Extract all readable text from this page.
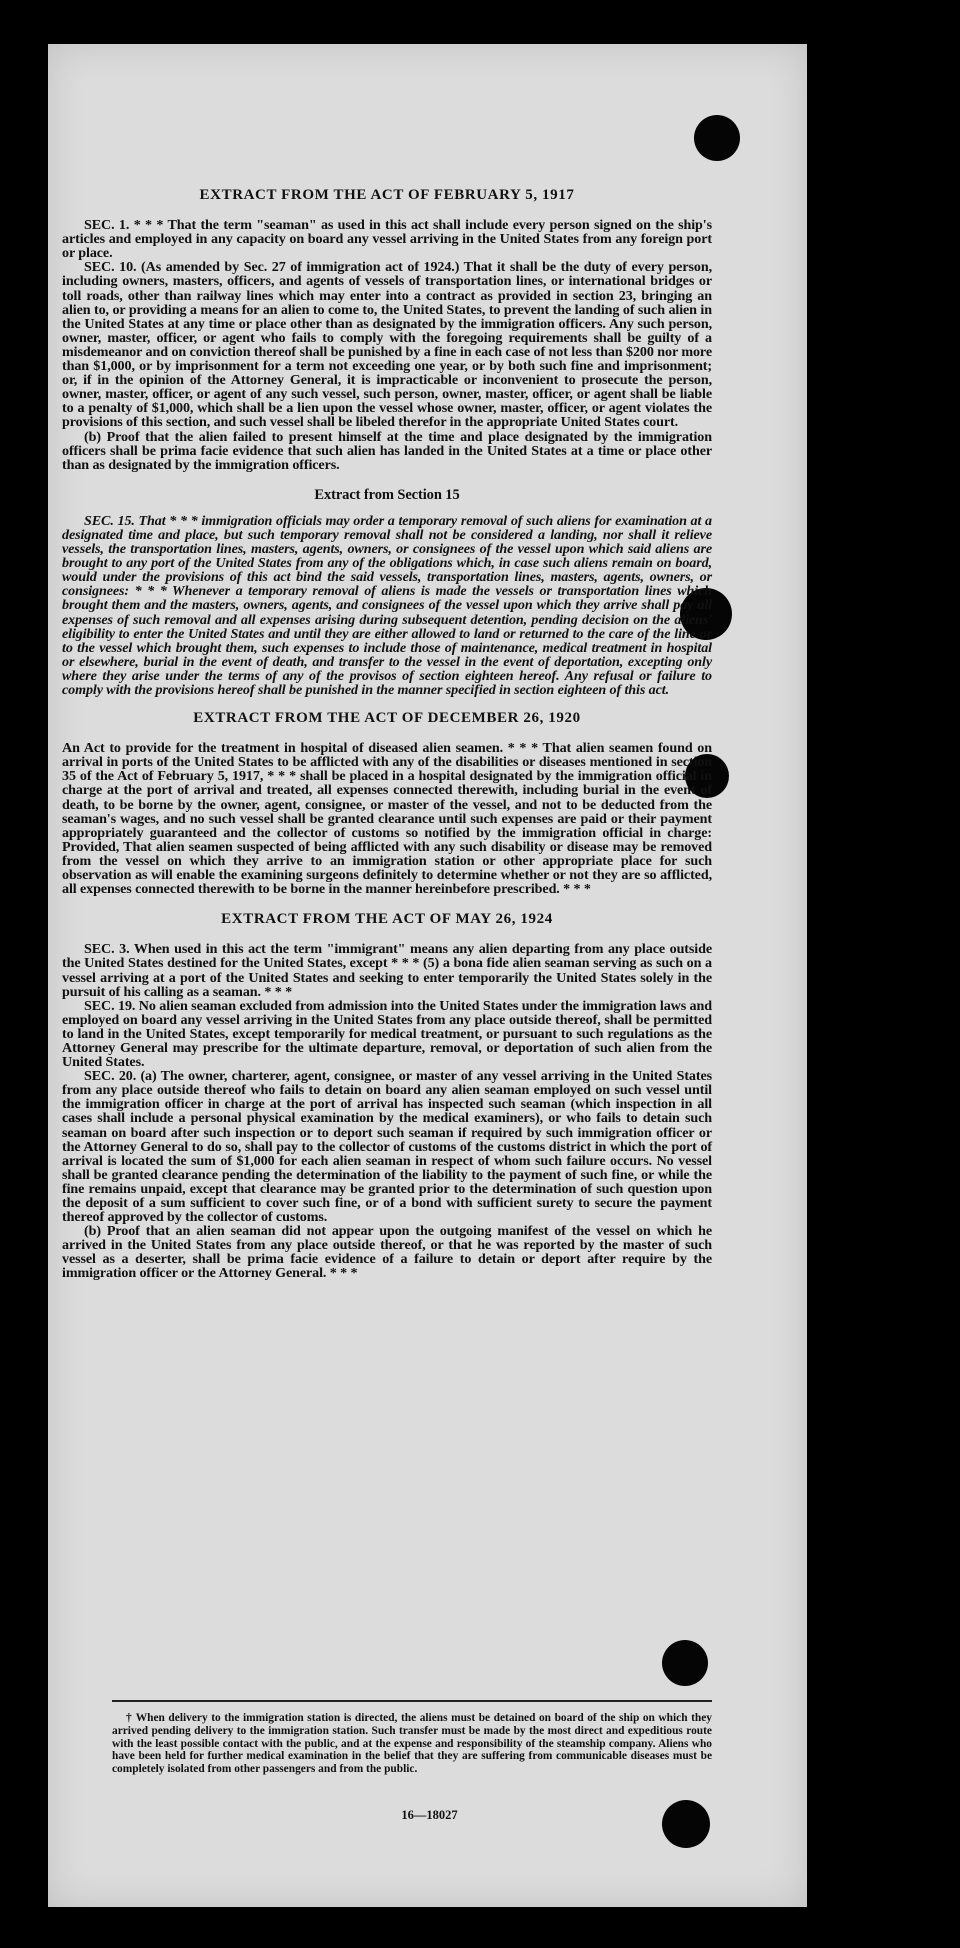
EXTRACT FROM THE ACT OF FEBRUARY 5, 1917

SEC. 1. * * * That the term "seaman" as used in this act shall include every person signed on the ship's articles and employed in any capacity on board any vessel arriving in the United States from any foreign port or place.

SEC. 10. (As amended by Sec. 27 of immigration act of 1924.) That it shall be the duty of every person, including owners, masters, officers, and agents of vessels of transportation lines, or international bridges or toll roads, other than railway lines which may enter into a contract as provided in section 23, bringing an alien to, or providing a means for an alien to come to, the United States, to prevent the landing of such alien in the United States at any time or place other than as designated by the immigration officers. Any such person, owner, master, officer, or agent who fails to comply with the foregoing requirements shall be guilty of a misdemeanor and on conviction thereof shall be punished by a fine in each case of not less than $200 nor more than $1,000, or by imprisonment for a term not exceeding one year, or by both such fine and imprisonment; or, if in the opinion of the Attorney General, it is impracticable or inconvenient to prosecute the person, owner, master, officer, or agent of any such vessel, such person, owner, master, officer, or agent shall be liable to a penalty of $1,000, which shall be a lien upon the vessel whose owner, master, officer, or agent violates the provisions of this section, and such vessel shall be libeled therefor in the appropriate United States court.

(b) Proof that the alien failed to present himself at the time and place designated by the immigration officers shall be prima facie evidence that such alien has landed in the United States at a time or place other than as designated by the immigration officers.

Extract from Section 15

SEC. 15. That * * * immigration officials may order a temporary removal of such aliens for examination at a designated time and place, but such temporary removal shall not be considered a landing, nor shall it relieve vessels, the transportation lines, masters, agents, owners, or consignees of the vessel upon which said aliens are brought to any port of the United States from any of the obligations which, in case such aliens remain on board, would under the provisions of this act bind the said vessels, transportation lines, masters, agents, owners, or consignees: * * * Whenever a temporary removal of aliens is made the vessels or transportation lines which brought them and the masters, owners, agents, and consignees of the vessel upon which they arrive shall pay all expenses of such removal and all expenses arising during subsequent detention, pending decision on the aliens' eligibility to enter the United States and until they are either allowed to land or returned to the care of the line or to the vessel which brought them, such expenses to include those of maintenance, medical treatment in hospital or elsewhere, burial in the event of death, and transfer to the vessel in the event of deportation, excepting only where they arise under the terms of any of the provisos of section eighteen hereof. Any refusal or failure to comply with the provisions hereof shall be punished in the manner specified in section eighteen of this act.

EXTRACT FROM THE ACT OF DECEMBER 26, 1920

An Act to provide for the treatment in hospital of diseased alien seamen. * * * That alien seamen found on arrival in ports of the United States to be afflicted with any of the disabilities or diseases mentioned in section 35 of the Act of February 5, 1917, * * * shall be placed in a hospital designated by the immigration official in charge at the port of arrival and treated, all expenses connected therewith, including burial in the event of death, to be borne by the owner, agent, consignee, or master of the vessel, and not to be deducted from the seaman's wages, and no such vessel shall be granted clearance until such expenses are paid or their payment appropriately guaranteed and the collector of customs so notified by the immigration official in charge: Provided, That alien seamen suspected of being afflicted with any such disability or disease may be removed from the vessel on which they arrive to an immigration station or other appropriate place for such observation as will enable the examining surgeons definitely to determine whether or not they are so afflicted, all expenses connected therewith to be borne in the manner hereinbefore prescribed. * * *

EXTRACT FROM THE ACT OF MAY 26, 1924

SEC. 3. When used in this act the term "immigrant" means any alien departing from any place outside the United States destined for the United States, except * * * (5) a bona fide alien seaman serving as such on a vessel arriving at a port of the United States and seeking to enter temporarily the United States solely in the pursuit of his calling as a seaman. * * *

SEC. 19. No alien seaman excluded from admission into the United States under the immigration laws and employed on board any vessel arriving in the United States from any place outside thereof, shall be permitted to land in the United States, except temporarily for medical treatment, or pursuant to such regulations as the Attorney General may prescribe for the ultimate departure, removal, or deportation of such alien from the United States.

SEC. 20. (a) The owner, charterer, agent, consignee, or master of any vessel arriving in the United States from any place outside thereof who fails to detain on board any alien seaman employed on such vessel until the immigration officer in charge at the port of arrival has inspected such seaman (which inspection in all cases shall include a personal physical examination by the medical examiners), or who fails to detain such seaman on board after such inspection or to deport such seaman if required by such immigration officer or the Attorney General to do so, shall pay to the collector of customs of the customs district in which the port of arrival is located the sum of $1,000 for each alien seaman in respect of whom such failure occurs. No vessel shall be granted clearance pending the determination of the liability to the payment of such fine, or while the fine remains unpaid, except that clearance may be granted prior to the determination of such question upon the deposit of a sum sufficient to cover such fine, or of a bond with sufficient surety to secure the payment thereof approved by the collector of customs.

(b) Proof that an alien seaman did not appear upon the outgoing manifest of the vessel on which he arrived in the United States from any place outside thereof, or that he was reported by the master of such vessel as a deserter, shall be prima facie evidence of a failure to detain or deport after require by the immigration officer or the Attorney General. * * *

† When delivery to the immigration station is directed, the aliens must be detained on board of the ship on which they arrived pending delivery to the immigration station. Such transfer must be made by the most direct and expeditious route with the least possible contact with the public, and at the expense and responsibility of the steamship company. Aliens who have been held for further medical examination in the belief that they are suffering from communicable diseases must be completely isolated from other passengers and from the public.

16—18027
